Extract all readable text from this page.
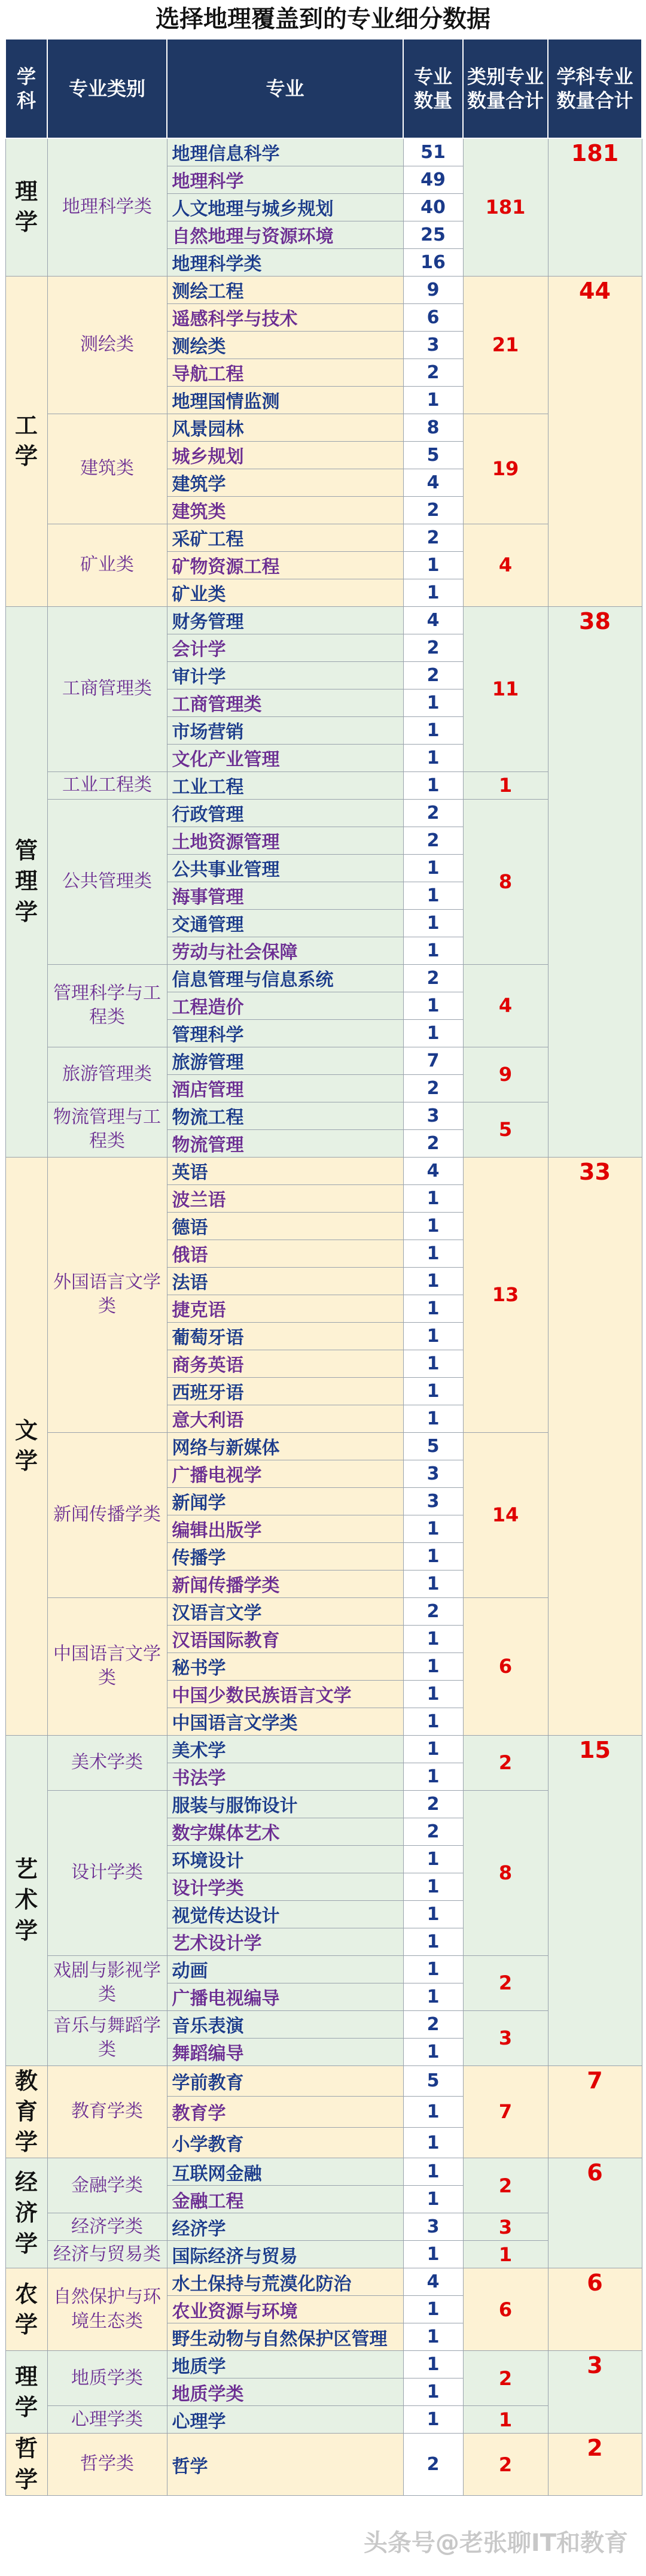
选择地理覆盖到的专业细分数据
学科	专业类别	专业	专业数量	类别专业数量合计	学科专业数量合计
理学	地理科学类	地理信息科学	51	181	181
		地理科学	49		
		人文地理与城乡规划	40		
		自然地理与资源环境	25		
		地理科学类	16		
工学	测绘类	测绘工程	9	21	44
		遥感科学与技术	6		
		测绘类	3		
		导航工程	2		
		地理国情监测	1		
	建筑类	风景园林	8	19	
		城乡规划	5		
		建筑学	4		
		建筑类	2		
	矿业类	采矿工程	2	4	
		矿物资源工程	1		
		矿业类	1		
管理学	工商管理类	财务管理	4	11	38
		会计学	2		
		审计学	2		
		工商管理类	1		
		市场营销	1		
		文化产业管理	1		
	工业工程类	工业工程	1	1	
	公共管理类	行政管理	2	8	
		土地资源管理	2		
		公共事业管理	1		
		海事管理	1		
		交通管理	1		
		劳动与社会保障	1		
	管理科学与工程类	信息管理与信息系统	2	4	
		工程造价	1		
		管理科学	1		
	旅游管理类	旅游管理	7	9	
		酒店管理	2		
	物流管理与工程类	物流工程	3	5	
		物流管理	2		
文学	外国语言文学类	英语	4	13	33
		波兰语	1		
		德语	1		
		俄语	1		
		法语	1		
		捷克语	1		
		葡萄牙语	1		
		商务英语	1		
		西班牙语	1		
		意大利语	1		
	新闻传播学类	网络与新媒体	5	14	
		广播电视学	3		
		新闻学	3		
		编辑出版学	1		
		传播学	1		
		新闻传播学类	1		
	中国语言文学类	汉语言文学	2	6	
		汉语国际教育	1		
		秘书学	1		
		中国少数民族语言文学	1		
		中国语言文学类	1		
艺术学	美术学类	美术学	1	2	15
		书法学	1		
	设计学类	服装与服饰设计	2	8	
		数字媒体艺术	2		
		环境设计	1		
		设计学类	1		
		视觉传达设计	1		
		艺术设计学	1		
	戏剧与影视学类	动画	1	2	
		广播电视编导	1		
	音乐与舞蹈学类	音乐表演	2	3	
		舞蹈编导	1		
教育学	教育学类	学前教育	5	7	7
		教育学	1		
		小学教育	1		
经济学	金融学类	互联网金融	1	2	6
		金融工程	1		
	经济学类	经济学	3	3	
	经济与贸易类	国际经济与贸易	1	1	
农学	自然保护与环境生态类	水土保持与荒漠化防治	4	6	6
		农业资源与环境	1		
		野生动物与自然保护区管理	1		
理学	地质学类	地质学	1	2	3
		地质学类	1		
	心理学类	心理学	1	1	
哲学	哲学类	哲学	2	2	2
头条号@老张聊IT和教育
